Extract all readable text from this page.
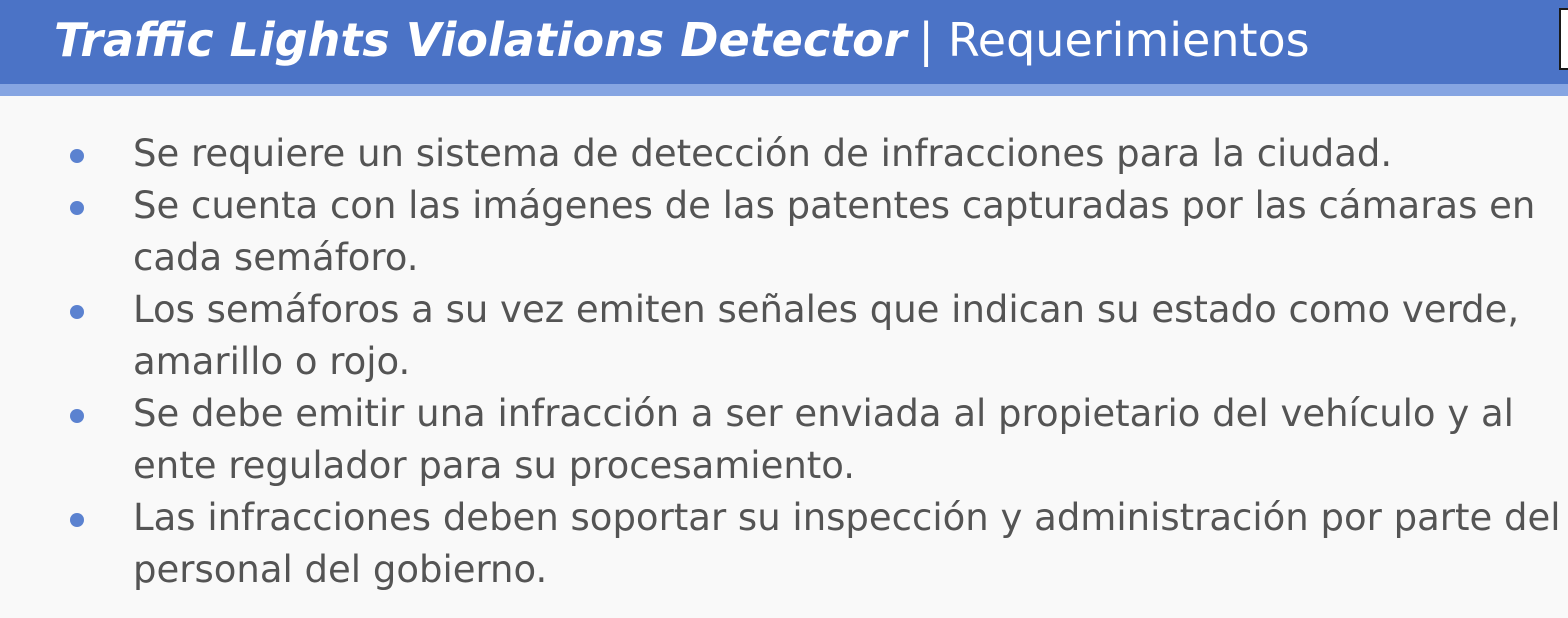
Traffic Lights Violations Detector | Requerimientos
Se requiere un sistema de detección de infracciones para la ciudad.
Se cuenta con las imágenes de las patentes capturadas por las cámaras en cada semáforo.
Los semáforos a su vez emiten señales que indican su estado como verde, amarillo o rojo.
Se debe emitir una infracción a ser enviada al propietario del vehículo y al ente regulador para su procesamiento.
Las infracciones deben soportar su inspección y administración por parte del personal del gobierno.
